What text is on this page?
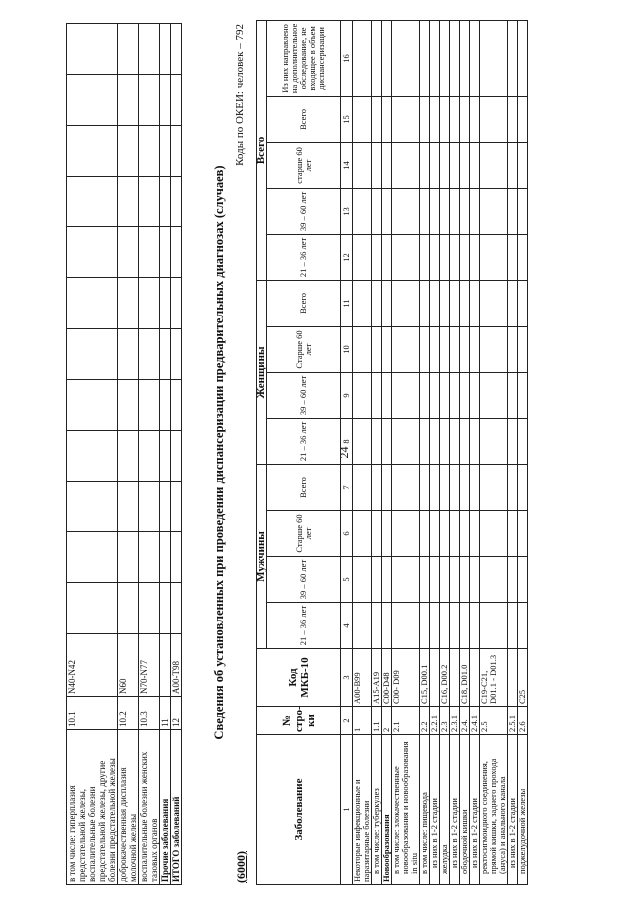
в том числе: гиперплазия предстательной железы, воспалительные болезни предстательной железы, другие болезни предстательной железы	10.1	N40-N42												
доброкачественная дисплазия молочной железы	10.2	N60												
воспалительные болезни женских тазовых органов	10.3	N70-N77												
Прочие заболевания	11													
ИТОГО заболеваний	12	A00-T98												
24
Сведения об установленных при проведении диспансеризации предварительных диагнозах (случаев)
(6000)
Коды по ОКЕИ: человек – 792
Заболевание	№ стро-ки	Код МКБ-10	Мужчины				Женщины				Всего				
			21 – 36 лет	39 – 60 лет	Старше 60 лет	Всего	21 – 36 лет	39 – 60 лет	Старше 60 лет	Всего	21 – 36 лет	39 – 60 лет	старше 60 лет	Всего	Из них направлено на дополнительное обследование, не входящее в объем диспансеризации
1	2	3	4	5	6	7	8	9	10	11	12	13	14	15	16
Некоторые инфекционные и паразитарные болезни	1	A00-B99													
в том числе: туберкулез	1.1	A15-A19													
Новообразования	2	C00-D48													
в том числе: злокачественные новообразования и новообразования in situ	2.1	C00- D09													
в том числе: пищевода	2.2	C15, D00.1													
из них в 1-2 стадии	2.2.1														
желудка	2.3	C16, D00.2													
из них в 1-2 стадии	2.3.1														
ободочной кишки	2.4.	C18, D01.0													
из них в 1-2 стадии	2.4.1														
ректосигмоидного соединения, прямой кишки, заднего прохода (ануса) и анального канала	2.5	C19-C21, D01.1 - D01.3													
из них в 1-2 стадии	2.5.1														
поджелудочной железы	2.6	C25													
